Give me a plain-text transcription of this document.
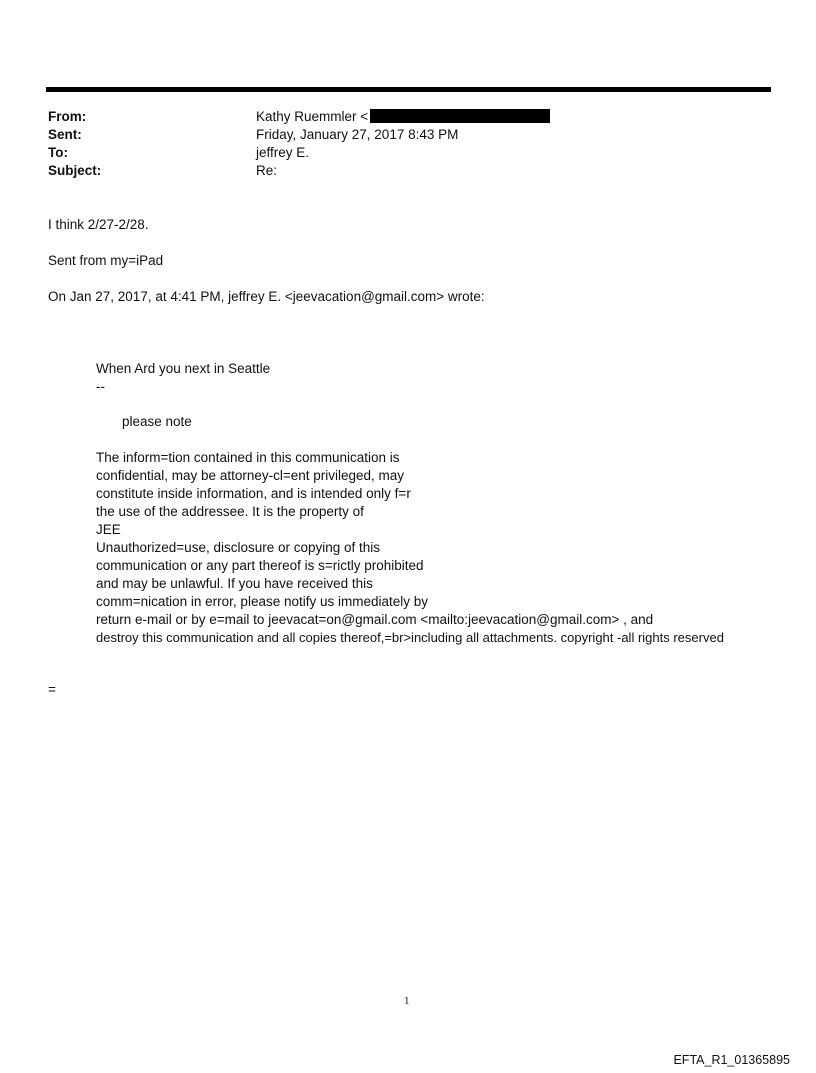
From:	Kathy Ruemmler <
Sent:	Friday, January 27, 2017 8:43 PM
To:	jeffrey E.
Subject:	Re:
I think 2/27-2/28.
Sent from my=iPad
On Jan 27, 2017, at 4:41 PM, jeffrey E. <jeevacation@gmail.com> wrote:
When Ard you next in Seattle
--
please note
The inform=tion contained in this communication is
confidential, may be attorney-cl=ent privileged, may
constitute inside information, and is intended only f=r
the use of the addressee. It is the property of
JEE
Unauthorized=use, disclosure or copying of this
communication or any part thereof is s=rictly prohibited
and may be unlawful. If you have received this
comm=nication in error, please notify us immediately by
return e-mail or by e=mail to jeevacat=on@gmail.com <mailto:jeevacation@gmail.com> , and
destroy this communication and all copies thereof,=br>including all attachments. copyright -all rights reserved
=
1
EFTA_R1_01365895
